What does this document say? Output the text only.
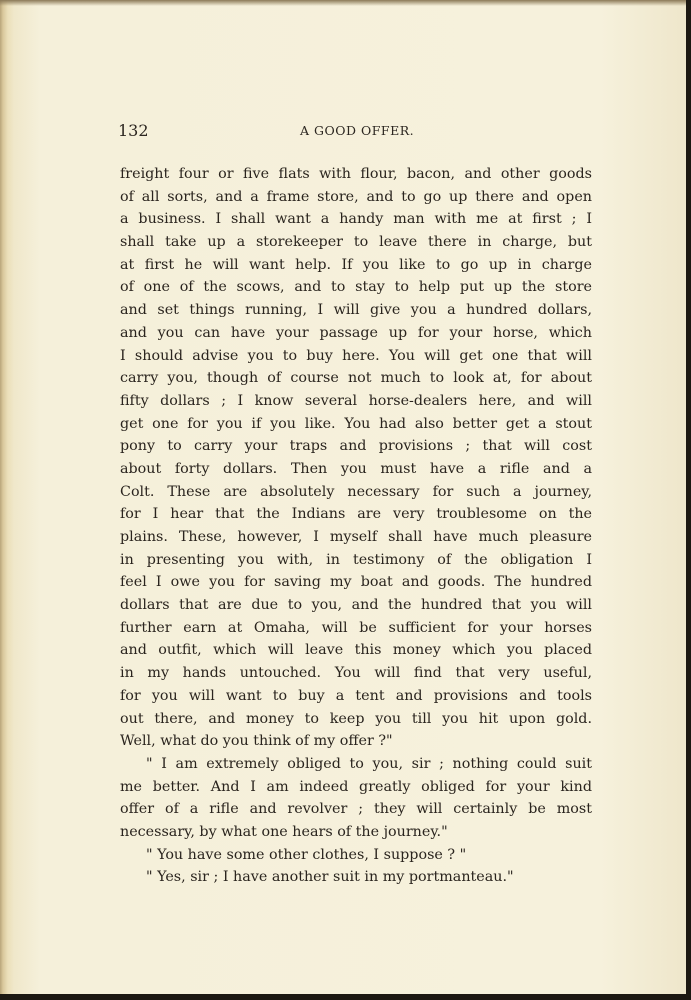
132	A GOOD OFFER.
freight four or five flats with flour, bacon, and other goods
of all sorts, and a frame store, and to go up there and open
a business. I shall want a handy man with me at first ; I
shall take up a storekeeper to leave there in charge, but
at first he will want help. If you like to go up in charge
of one of the scows, and to stay to help put up the store
and set things running, I will give you a hundred dollars,
and you can have your passage up for your horse, which
I should advise you to buy here. You will get one that will
carry you, though of course not much to look at, for about
fifty dollars ; I know several horse-dealers here, and will
get one for you if you like. You had also better get a stout
pony to carry your traps and provisions ; that will cost
about forty dollars. Then you must have a rifle and a
Colt. These are absolutely necessary for such a journey,
for I hear that the Indians are very troublesome on the
plains. These, however, I myself shall have much pleasure
in presenting you with, in testimony of the obligation I
feel I owe you for saving my boat and goods. The hundred
dollars that are due to you, and the hundred that you will
further earn at Omaha, will be sufficient for your horses
and outfit, which will leave this money which you placed
in my hands untouched. You will find that very useful,
for you will want to buy a tent and provisions and tools
out there, and money to keep you till you hit upon gold.
Well, what do you think of my offer ?"
" I am extremely obliged to you, sir ; nothing could suit
me better. And I am indeed greatly obliged for your kind
offer of a rifle and revolver ; they will certainly be most
necessary, by what one hears of the journey."
" You have some other clothes, I suppose ? "
" Yes, sir ; I have another suit in my portmanteau."
